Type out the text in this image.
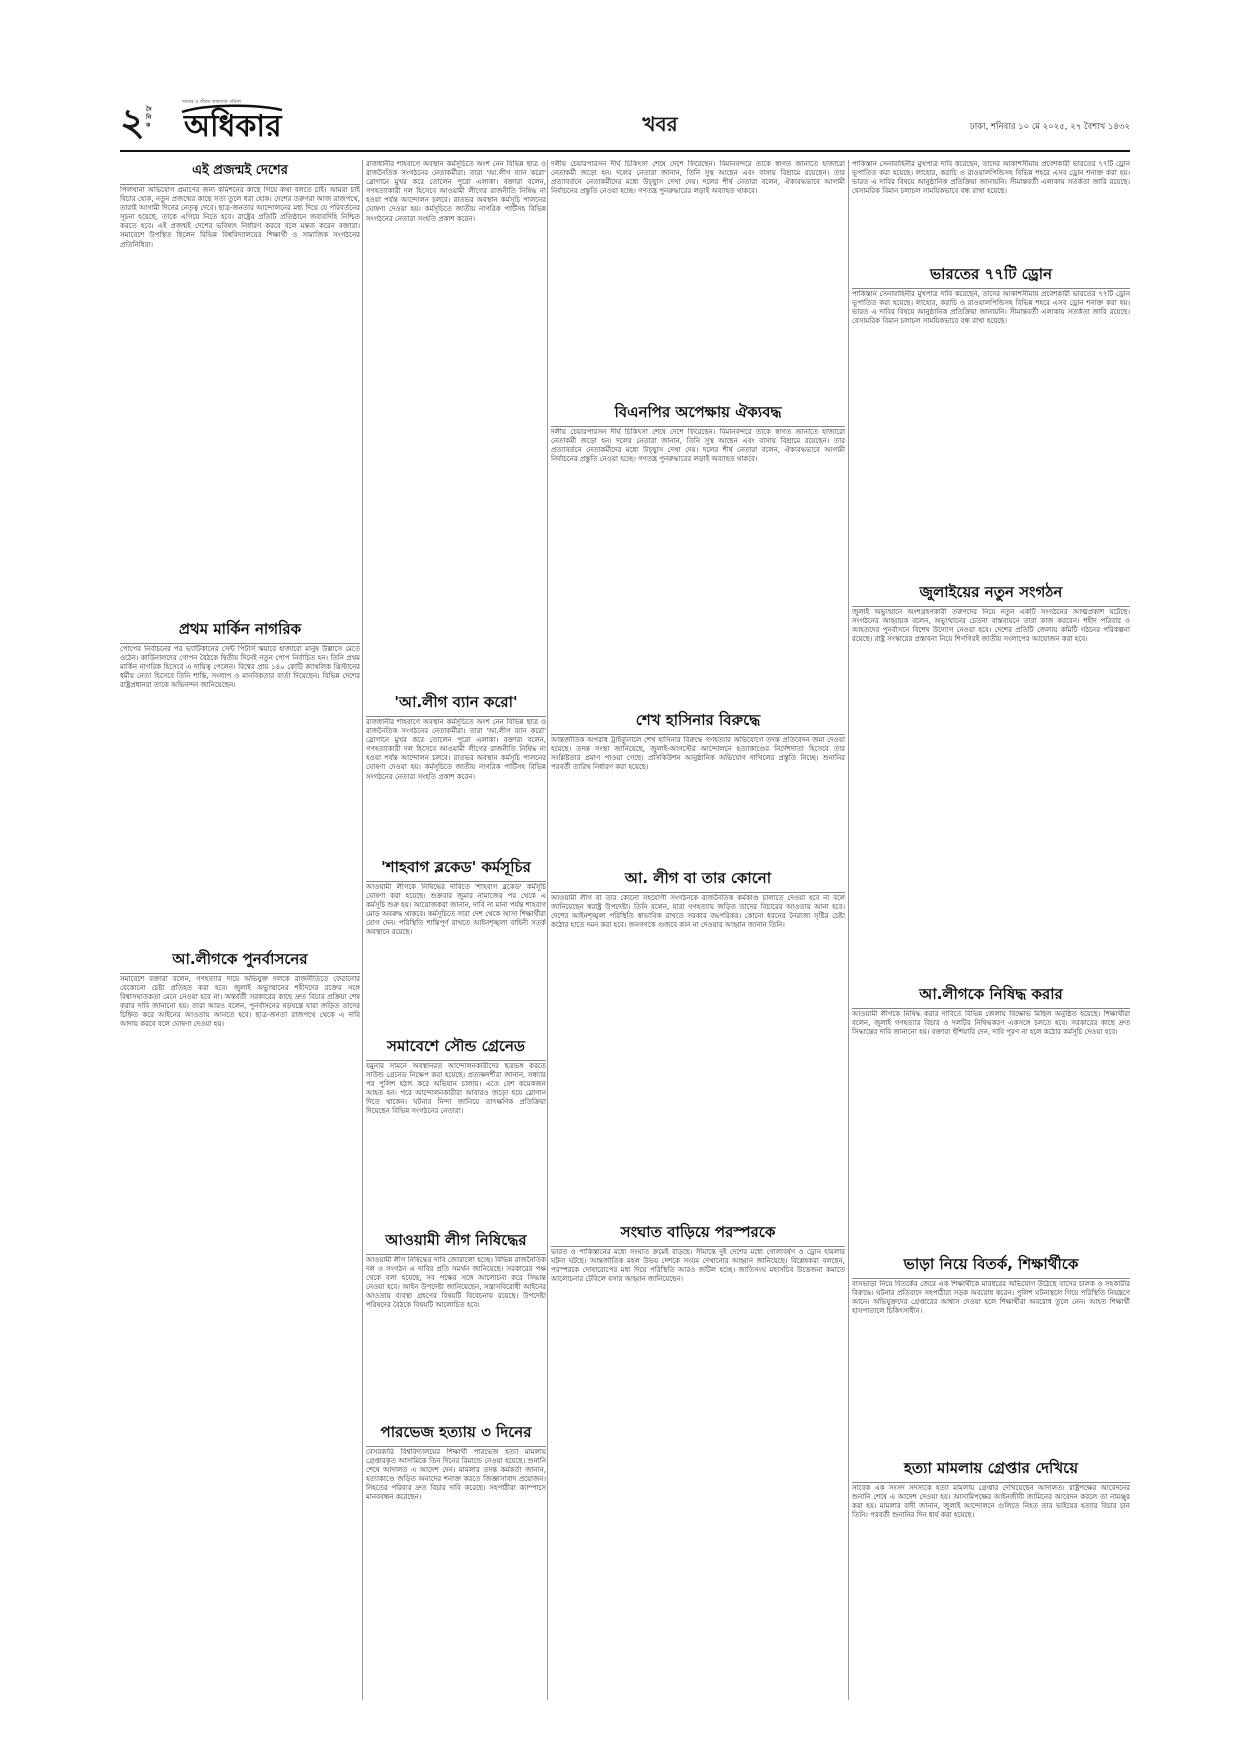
২ অধিকার
দৈ নি ক
আমার ও জীবন আমাদের পত্রিকা
খবর	ঢাকা, শনিবার ১০ মে ২০২৫, ২৭ বৈশাখ ১৪৩২
এই প্রজন্মই দেশের
পিলখানা অভিযোগ প্রমাণের জন্য কমিশনের কাছে গিয়ে কথা বলতে চাই। আমরা চাই বিচার হোক, নতুন প্রজন্মের কাছে সত্য তুলে ধরা হোক। দেশের তরুণরা আজ রাজপথে, তারাই আগামী দিনের নেতৃত্ব দেবে। ছাত্র-জনতার আন্দোলনের মধ্য দিয়ে যে পরিবর্তনের সূচনা হয়েছে, তাকে এগিয়ে নিতে হবে। রাষ্ট্রের প্রতিটি প্রতিষ্ঠানে জবাবদিহি নিশ্চিত করতে হবে। এই প্রজন্মই দেশের ভবিষ্যৎ নির্ধারণ করবে বলে মন্তব্য করেন বক্তারা। সমাবেশে উপস্থিত ছিলেন বিভিন্ন বিশ্ববিদ্যালয়ের শিক্ষার্থী ও সামাজিক সংগঠনের প্রতিনিধিরা।
প্রথম মার্কিন নাগরিক
পোপের নির্বাচনের পর ভ্যাটিকানের সেন্ট পিটার্স স্কয়ারে হাজারো মানুষ উল্লাসে মেতে ওঠেন। কার্ডিনালদের গোপন বৈঠকে দ্বিতীয় দিনেই নতুন পোপ নির্বাচিত হন। তিনি প্রথম মার্কিন নাগরিক হিসেবে এ দায়িত্ব পেলেন। বিশ্বের প্রায় ১৪০ কোটি ক্যাথলিক খ্রিস্টানের ধর্মীয় নেতা হিসেবে তিনি শান্তি, সংলাপ ও মানবিকতার বার্তা দিয়েছেন। বিভিন্ন দেশের রাষ্ট্রপ্রধানরা তাকে অভিনন্দন জানিয়েছেন।
আ.লীগকে পুনর্বাসনের
সমাবেশে বক্তারা বলেন, গণহত্যার দায়ে অভিযুক্ত দলকে রাজনীতিতে ফেরানোর যেকোনো চেষ্টা প্রতিহত করা হবে। জুলাই অভ্যুত্থানের শহীদদের রক্তের সঙ্গে বিশ্বাসঘাতকতা মেনে নেওয়া হবে না। অন্তর্বর্তী সরকারের কাছে দ্রুত বিচার প্রক্রিয়া শেষ করার দাবি জানানো হয়। তারা আরও বলেন, পুনর্বাসনের ষড়যন্ত্রে যারা জড়িত তাদের চিহ্নিত করে আইনের আওতায় আনতে হবে। ছাত্র-জনতা রাজপথে থেকে এ দাবি আদায় করবে বলে ঘোষণা দেওয়া হয়।
রাজধানীর শাহবাগে অবস্থান কর্মসূচিতে অংশ নেন বিভিন্ন ছাত্র ও রাজনৈতিক সংগঠনের নেতাকর্মীরা। তারা 'আ.লীগ ব্যান করো' স্লোগানে মুখর করে তোলেন পুরো এলাকা। বক্তারা বলেন, গণহত্যাকারী দল হিসেবে আওয়ামী লীগের রাজনীতি নিষিদ্ধ না হওয়া পর্যন্ত আন্দোলন চলবে। রাতভর অবস্থান কর্মসূচি পালনের ঘোষণা দেওয়া হয়। কর্মসূচিতে জাতীয় নাগরিক পার্টিসহ বিভিন্ন সংগঠনের নেতারা সংহতি প্রকাশ করেন।
'আ.লীগ ব্যান করো'
রাজধানীর শাহবাগে অবস্থান কর্মসূচিতে অংশ নেন বিভিন্ন ছাত্র ও রাজনৈতিক সংগঠনের নেতাকর্মীরা। তারা 'আ.লীগ ব্যান করো' স্লোগানে মুখর করে তোলেন পুরো এলাকা। বক্তারা বলেন, গণহত্যাকারী দল হিসেবে আওয়ামী লীগের রাজনীতি নিষিদ্ধ না হওয়া পর্যন্ত আন্দোলন চলবে। রাতভর অবস্থান কর্মসূচি পালনের ঘোষণা দেওয়া হয়। কর্মসূচিতে জাতীয় নাগরিক পার্টিসহ বিভিন্ন সংগঠনের নেতারা সংহতি প্রকাশ করেন।
'শাহবাগ ব্লকেড' কর্মসূচির
আওয়ামী লীগকে নিষিদ্ধের দাবিতে 'শাহবাগ ব্লকেড' কর্মসূচি ঘোষণা করা হয়েছে। শুক্রবার জুমার নামাজের পর থেকে এ কর্মসূচি শুরু হয়। আয়োজকরা জানান, দাবি না মানা পর্যন্ত শাহবাগ মোড় অবরুদ্ধ থাকবে। কর্মসূচিতে সারা দেশ থেকে আসা শিক্ষার্থীরা যোগ দেন। পরিস্থিতি শান্তিপূর্ণ রাখতে আইনশৃঙ্খলা বাহিনী সতর্ক অবস্থানে রয়েছে।
সমাবেশে সৌন্ড গ্রেনেড
যমুনার সামনে অবস্থানরত আন্দোলনকারীদের ছত্রভঙ্গ করতে সাউন্ড গ্রেনেড নিক্ষেপ করা হয়েছে। প্রত্যক্ষদর্শীরা জানান, সন্ধ্যার পর পুলিশ হঠাৎ করে অভিযান চালায়। এতে বেশ কয়েকজন আহত হন। পরে আন্দোলনকারীরা আবারও জড়ো হয়ে স্লোগান দিতে থাকেন। ঘটনার নিন্দা জানিয়ে তাৎক্ষণিক প্রতিক্রিয়া দিয়েছেন বিভিন্ন সংগঠনের নেতারা।
আওয়ামী লীগ নিষিদ্ধের
আওয়ামী লীগ নিষিদ্ধের দাবি জোরালো হচ্ছে। বিভিন্ন রাজনৈতিক দল ও সংগঠন এ দাবির প্রতি সমর্থন জানিয়েছে। সরকারের পক্ষ থেকে বলা হয়েছে, সব পক্ষের সঙ্গে আলোচনা করে সিদ্ধান্ত নেওয়া হবে। আইন উপদেষ্টা জানিয়েছেন, সন্ত্রাসবিরোধী আইনের আওতায় ব্যবস্থা গ্রহণের বিষয়টি বিবেচনায় রয়েছে। উপদেষ্টা পরিষদের বৈঠকে বিষয়টি আলোচিত হবে।
পারভেজ হত্যায় ৩ দিনের
বেসরকারি বিশ্ববিদ্যালয়ের শিক্ষার্থী পারভেজ হত্যা মামলায় গ্রেপ্তারকৃত আসামিকে তিন দিনের রিমান্ডে নেওয়া হয়েছে। শুনানি শেষে আদালত এ আদেশ দেন। মামলার তদন্ত কর্মকর্তা জানান, হত্যাকাণ্ডে জড়িত অন্যদের শনাক্ত করতে জিজ্ঞাসাবাদ প্রয়োজন। নিহতের পরিবার দ্রুত বিচার দাবি করেছে। সহপাঠীরা ক্যাম্পাসে মানববন্ধন করেছেন।
দলীয় চেয়ারপারসন দীর্ঘ চিকিৎসা শেষে দেশে ফিরেছেন। বিমানবন্দরে তাকে স্বাগত জানাতে হাজারো নেতাকর্মী জড়ো হন। দলের নেতারা জানান, তিনি সুস্থ আছেন এবং বাসায় বিশ্রামে রয়েছেন। তার প্রত্যাবর্তনে নেতাকর্মীদের মধ্যে উচ্ছ্বাস দেখা দেয়। দলের শীর্ষ নেতারা বলেন, ঐক্যবদ্ধভাবে আগামী নির্বাচনের প্রস্তুতি নেওয়া হচ্ছে। গণতন্ত্র পুনরুদ্ধারের লড়াই অব্যাহত থাকবে।
বিএনপির অপেক্ষায় ঐক্যবদ্ধ
দলীয় চেয়ারপারসন দীর্ঘ চিকিৎসা শেষে দেশে ফিরেছেন। বিমানবন্দরে তাকে স্বাগত জানাতে হাজারো নেতাকর্মী জড়ো হন। দলের নেতারা জানান, তিনি সুস্থ আছেন এবং বাসায় বিশ্রামে রয়েছেন। তার প্রত্যাবর্তনে নেতাকর্মীদের মধ্যে উচ্ছ্বাস দেখা দেয়। দলের শীর্ষ নেতারা বলেন, ঐক্যবদ্ধভাবে আগামী নির্বাচনের প্রস্তুতি নেওয়া হচ্ছে। গণতন্ত্র পুনরুদ্ধারের লড়াই অব্যাহত থাকবে।
শেখ হাসিনার বিরুদ্ধে
আন্তর্জাতিক অপরাধ ট্রাইব্যুনালে শেখ হাসিনার বিরুদ্ধে গণহত্যার অভিযোগে তদন্ত প্রতিবেদন জমা দেওয়া হয়েছে। তদন্ত সংস্থা জানিয়েছে, জুলাই-আগস্টের আন্দোলনে হত্যাকাণ্ডের নির্দেশদাতা হিসেবে তার সংশ্লিষ্টতার প্রমাণ পাওয়া গেছে। প্রসিকিউশন আনুষ্ঠানিক অভিযোগ দাখিলের প্রস্তুতি নিচ্ছে। শুনানির পরবর্তী তারিখ নির্ধারণ করা হয়েছে।
আ. লীগ বা তার কোনো
আওয়ামী লীগ বা তার কোনো সহযোগী সংগঠনকে রাজনৈতিক কর্মকাণ্ড চালাতে দেওয়া হবে না বলে জানিয়েছেন স্বরাষ্ট্র উপদেষ্টা। তিনি বলেন, যারা গণহত্যায় জড়িত তাদের বিচারের আওতায় আনা হবে। দেশের আইনশৃঙ্খলা পরিস্থিতি স্বাভাবিক রাখতে সরকার বদ্ধপরিকর। কোনো ধরনের নৈরাজ্য সৃষ্টির চেষ্টা কঠোর হাতে দমন করা হবে। জনগণকে গুজবে কান না দেওয়ার আহ্বান জানান তিনি।
সংঘাত বাড়িয়ে পরস্পরকে
ভারত ও পাকিস্তানের মধ্যে সংঘাত ক্রমেই বাড়ছে। সীমান্তে দুই দেশের মধ্যে গোলাবর্ষণ ও ড্রোন হামলার ঘটনা ঘটছে। আন্তর্জাতিক মহল উভয় দেশকে সংযম দেখানোর আহ্বান জানিয়েছে। বিশ্লেষকরা বলছেন, পরস্পরকে দোষারোপের মধ্য দিয়ে পরিস্থিতি আরও জটিল হচ্ছে। জাতিসংঘ মহাসচিব উত্তেজনা কমাতে আলোচনার টেবিলে বসার আহ্বান জানিয়েছেন।
পাকিস্তান সেনাবাহিনীর মুখপাত্র দাবি করেছেন, তাদের আকাশসীমায় প্রবেশকারী ভারতের ৭৭টি ড্রোন ভূপাতিত করা হয়েছে। লাহোর, করাচি ও রাওয়ালপিন্ডিসহ বিভিন্ন শহরে এসব ড্রোন শনাক্ত করা হয়। ভারত এ দাবির বিষয়ে আনুষ্ঠানিক প্রতিক্রিয়া জানায়নি। সীমান্তবর্তী এলাকায় সতর্কতা জারি রয়েছে। বেসামরিক বিমান চলাচল সাময়িকভাবে বন্ধ রাখা হয়েছে।
ভারতের ৭৭টি ড্রোন
পাকিস্তান সেনাবাহিনীর মুখপাত্র দাবি করেছেন, তাদের আকাশসীমায় প্রবেশকারী ভারতের ৭৭টি ড্রোন ভূপাতিত করা হয়েছে। লাহোর, করাচি ও রাওয়ালপিন্ডিসহ বিভিন্ন শহরে এসব ড্রোন শনাক্ত করা হয়। ভারত এ দাবির বিষয়ে আনুষ্ঠানিক প্রতিক্রিয়া জানায়নি। সীমান্তবর্তী এলাকায় সতর্কতা জারি রয়েছে। বেসামরিক বিমান চলাচল সাময়িকভাবে বন্ধ রাখা হয়েছে।
জুলাইয়ের নতুন সংগঠন
জুলাই অভ্যুত্থানে অংশগ্রহণকারী তরুণদের নিয়ে নতুন একটি সংগঠনের আত্মপ্রকাশ ঘটেছে। সংগঠনের আহ্বায়ক বলেন, অভ্যুত্থানের চেতনা বাস্তবায়নে তারা কাজ করবেন। শহীদ পরিবার ও আহতদের পুনর্বাসনে বিশেষ উদ্যোগ নেওয়া হবে। দেশের প্রতিটি জেলায় কমিটি গঠনের পরিকল্পনা রয়েছে। রাষ্ট্র সংস্কারের প্রস্তাবনা নিয়ে শিগগিরই জাতীয় সংলাপের আয়োজন করা হবে।
আ.লীগকে নিষিদ্ধ করার
আওয়ামী লীগকে নিষিদ্ধ করার দাবিতে বিভিন্ন জেলায় বিক্ষোভ মিছিল অনুষ্ঠিত হয়েছে। শিক্ষার্থীরা বলেন, জুলাই গণহত্যার বিচার ও দলটির নিষিদ্ধকরণ একসঙ্গে চলতে হবে। সরকারের কাছে দ্রুত সিদ্ধান্তের দাবি জানানো হয়। বক্তারা হুঁশিয়ারি দেন, দাবি পূরণ না হলে কঠোর কর্মসূচি দেওয়া হবে।
ভাড়া নিয়ে বিতর্ক, শিক্ষার্থীকে
বাসভাড়া নিয়ে বিতর্কের জেরে এক শিক্ষার্থীকে মারধরের অভিযোগ উঠেছে বাসের চালক ও সহকারীর বিরুদ্ধে। ঘটনার প্রতিবাদে সহপাঠীরা সড়ক অবরোধ করেন। পুলিশ ঘটনাস্থলে গিয়ে পরিস্থিতি নিয়ন্ত্রণে আনে। অভিযুক্তদের গ্রেপ্তারের আশ্বাস দেওয়া হলে শিক্ষার্থীরা অবরোধ তুলে নেন। আহত শিক্ষার্থী হাসপাতালে চিকিৎসাধীন।
হত্যা মামলায় গ্রেপ্তার দেখিয়ে
সাবেক এক সংসদ সদস্যকে হত্যা মামলায় গ্রেপ্তার দেখিয়েছেন আদালত। রাষ্ট্রপক্ষের আবেদনের শুনানি শেষে এ আদেশ দেওয়া হয়। আসামিপক্ষের আইনজীবী জামিনের আবেদন করলে তা নামঞ্জুর করা হয়। মামলার বাদী জানান, জুলাই আন্দোলনে গুলিতে নিহত তার ভাইয়ের হত্যার বিচার চান তিনি। পরবর্তী শুনানির দিন ধার্য করা হয়েছে।
